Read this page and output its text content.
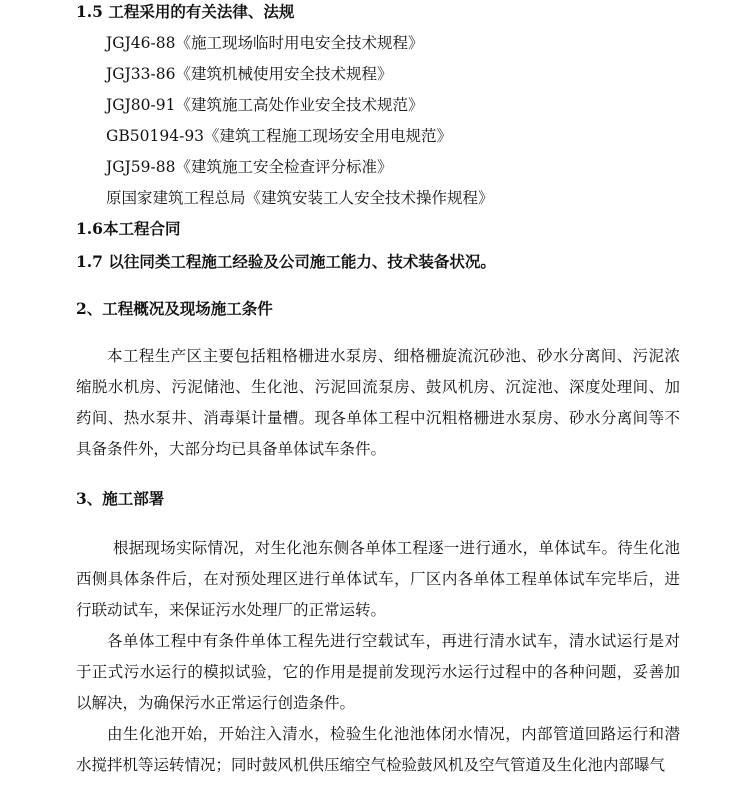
1.5 工程采用的有关法律、法规
JGJ46-88《施工现场临时用电安全技术规程》
JGJ33-86《建筑机械使用安全技术规程》
JGJ80-91《建筑施工高处作业安全技术规范》
GB50194-93《建筑工程施工现场安全用电规范》
JGJ59-88《建筑施工安全检查评分标准》
原国家建筑工程总局《建筑安装工人安全技术操作规程》
1.6本工程合同
1.7 以往同类工程施工经验及公司施工能力、技术装备状况。
2、工程概况及现场施工条件
本工程生产区主要包括粗格栅进水泵房、细格栅旋流沉砂池、砂水分离间、污泥浓缩脱水机房、污泥储池、生化池、污泥回流泵房、鼓风机房、沉淀池、深度处理间、加药间、热水泵井、消毒渠计量槽。现各单体工程中沉粗格栅进水泵房、砂水分离间等不具备条件外，大部分均已具备单体试车条件。
3、施工部署
根据现场实际情况，对生化池东侧各单体工程逐一进行通水，单体试车。待生化池西侧具体条件后，在对预处理区进行单体试车，厂区内各单体工程单体试车完毕后，进行联动试车，来保证污水处理厂的正常运转。
各单体工程中有条件单体工程先进行空载试车，再进行清水试车，清水试运行是对于正式污水运行的模拟试验，它的作用是提前发现污水运行过程中的各种问题，妥善加以解决，为确保污水正常运行创造条件。
由生化池开始，开始注入清水，检验生化池池体闭水情况，内部管道回路运行和潜水搅拌机等运转情况；同时鼓风机供压缩空气检验鼓风机及空气管道及生化池内部曝气
